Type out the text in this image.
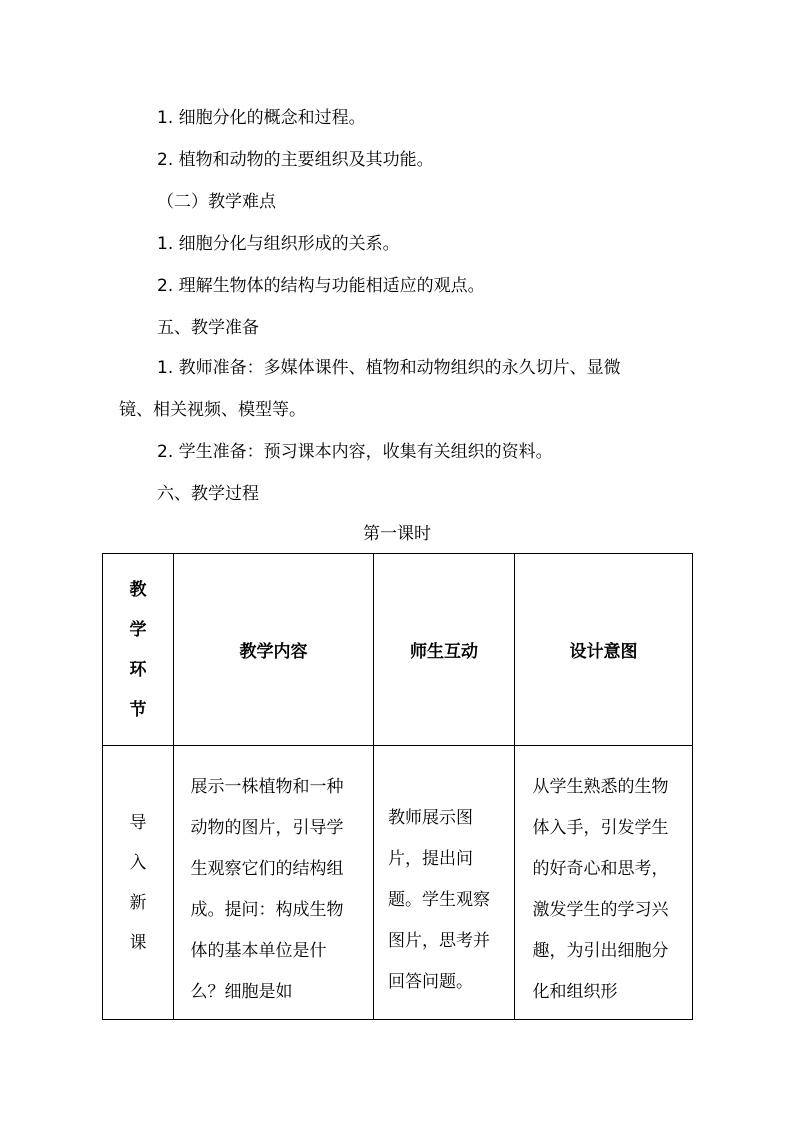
1. 细胞分化的概念和过程。

2. 植物和动物的主要组织及其功能。

（二）教学难点

1. 细胞分化与组织形成的关系。

2. 理解生物体的结构与功能相适应的观点。

五、教学准备

1. 教师准备：多媒体课件、植物和动物组织的永久切片、显微

镜、相关视频、模型等。

2. 学生准备：预习课本内容，收集有关组织的资料。

六、教学过程

第一课时

教学环节	教学内容	师生互动	设计意图
导入新课	展示一株植物和一种动物的图片，引导学生观察它们的结构组成。提问：构成生物体的基本单位是什么？细胞是如	教师展示图片，提出问题。学生观察图片，思考并回答问题。	从学生熟悉的生物体入手，引发学生的好奇心和思考，激发学生的学习兴趣，为引出细胞分化和组织形
